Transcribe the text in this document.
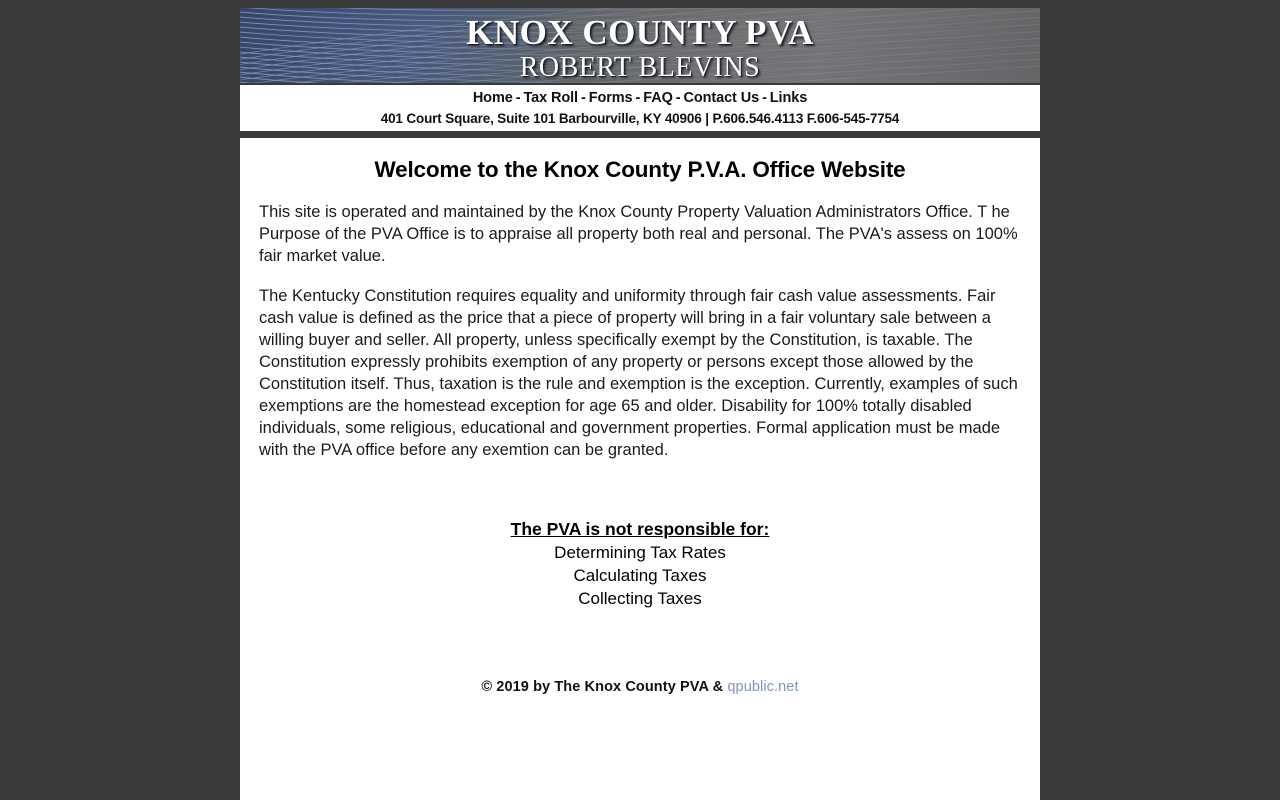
KNOX COUNTY PVA
ROBERT BLEVINS
Home - Tax Roll - Forms - FAQ - Contact Us - Links
401 Court Square, Suite 101 Barbourville, KY 40906 | P.606.546.4113 F.606-545-7754
Welcome to the Knox County P.V.A. Office Website

This site is operated and maintained by the Knox County Property Valuation Administrators Office. T he Purpose of the PVA Office is to appraise all property both real and personal. The PVA's assess on 100% fair market value.

The Kentucky Constitution requires equality and uniformity through fair cash value assessments. Fair cash value is defined as the price that a piece of property will bring in a fair voluntary sale between a willing buyer and seller. All property, unless specifically exempt by the Constitution, is taxable. The Constitution expressly prohibits exemption of any property or persons except those allowed by the Constitution itself. Thus, taxation is the rule and exemption is the exception. Currently, examples of such exemptions are the homestead exception for age 65 and older. Disability for 100% totally disabled individuals, some religious, educational and government properties. Formal application must be made with the PVA office before any exemtion can be granted.

The PVA is not responsible for:
Determining Tax Rates
Calculating Taxes
Collecting Taxes
© 2019 by The Knox County PVA & qpublic.net
